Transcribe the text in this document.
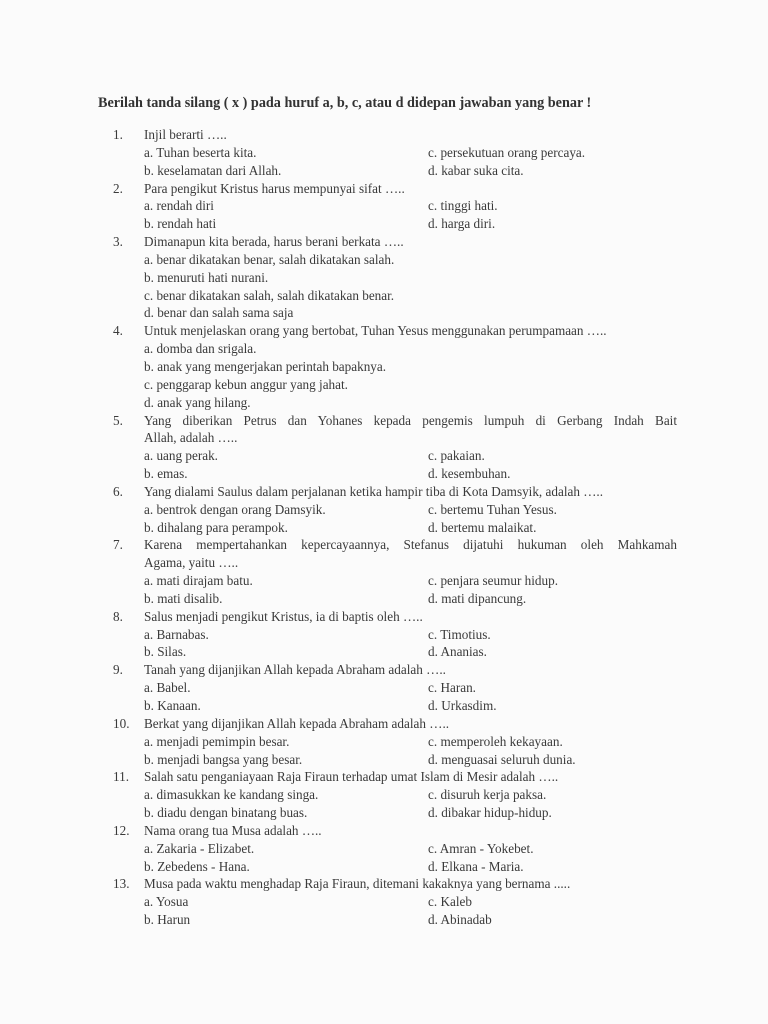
Berilah tanda silang ( x ) pada huruf a, b, c, atau d didepan jawaban yang benar !
1. Injil berarti …..
a. Tuhan beserta kita.	c. persekutuan orang percaya.
b. keselamatan dari Allah.	d. kabar suka cita.
2. Para pengikut Kristus harus mempunyai sifat …..
a. rendah diri	c. tinggi hati.
b. rendah hati	d. harga diri.
3. Dimanapun kita berada, harus berani berkata …..
a. benar dikatakan benar, salah dikatakan salah.
b. menuruti hati nurani.
c. benar dikatakan salah, salah dikatakan benar.
d. benar dan salah sama saja
4. Untuk menjelaskan orang yang bertobat, Tuhan Yesus menggunakan perumpamaan …..
a. domba dan srigala.
b. anak yang mengerjakan perintah bapaknya.
c. penggarap kebun anggur yang jahat.
d. anak yang hilang.
5. Yang diberikan Petrus dan Yohanes kepada pengemis lumpuh di Gerbang Indah Bait
Allah, adalah …..
a. uang perak.	c. pakaian.
b. emas.	d. kesembuhan.
6. Yang dialami Saulus dalam perjalanan ketika hampir tiba di Kota Damsyik, adalah …..
a. bentrok dengan orang Damsyik.	c. bertemu Tuhan Yesus.
b. dihalang para perampok.	d. bertemu malaikat.
7. Karena mempertahankan kepercayaannya, Stefanus dijatuhi hukuman oleh Mahkamah
Agama, yaitu …..
a. mati dirajam batu.	c. penjara seumur hidup.
b. mati disalib.	d. mati dipancung.
8. Salus menjadi pengikut Kristus, ia di baptis oleh …..
a. Barnabas.	c. Timotius.
b. Silas.	d. Ananias.
9. Tanah yang dijanjikan Allah kepada Abraham adalah …..
a. Babel.	c. Haran.
b. Kanaan.	d. Urkasdim.
10. Berkat yang dijanjikan Allah kepada Abraham adalah …..
a. menjadi pemimpin besar.	c. memperoleh kekayaan.
b. menjadi bangsa yang besar.	d. menguasai seluruh dunia.
11. Salah satu penganiayaan Raja Firaun terhadap umat Islam di Mesir adalah …..
a. dimasukkan ke kandang singa.	c. disuruh kerja paksa.
b. diadu dengan binatang buas.	d. dibakar hidup-hidup.
12. Nama orang tua Musa adalah …..
a. Zakaria - Elizabet.	c. Amran - Yokebet.
b. Zebedens - Hana.	d. Elkana - Maria.
13. Musa pada waktu menghadap Raja Firaun, ditemani kakaknya yang bernama .....
a. Yosua	c. Kaleb
b. Harun	d. Abinadab
